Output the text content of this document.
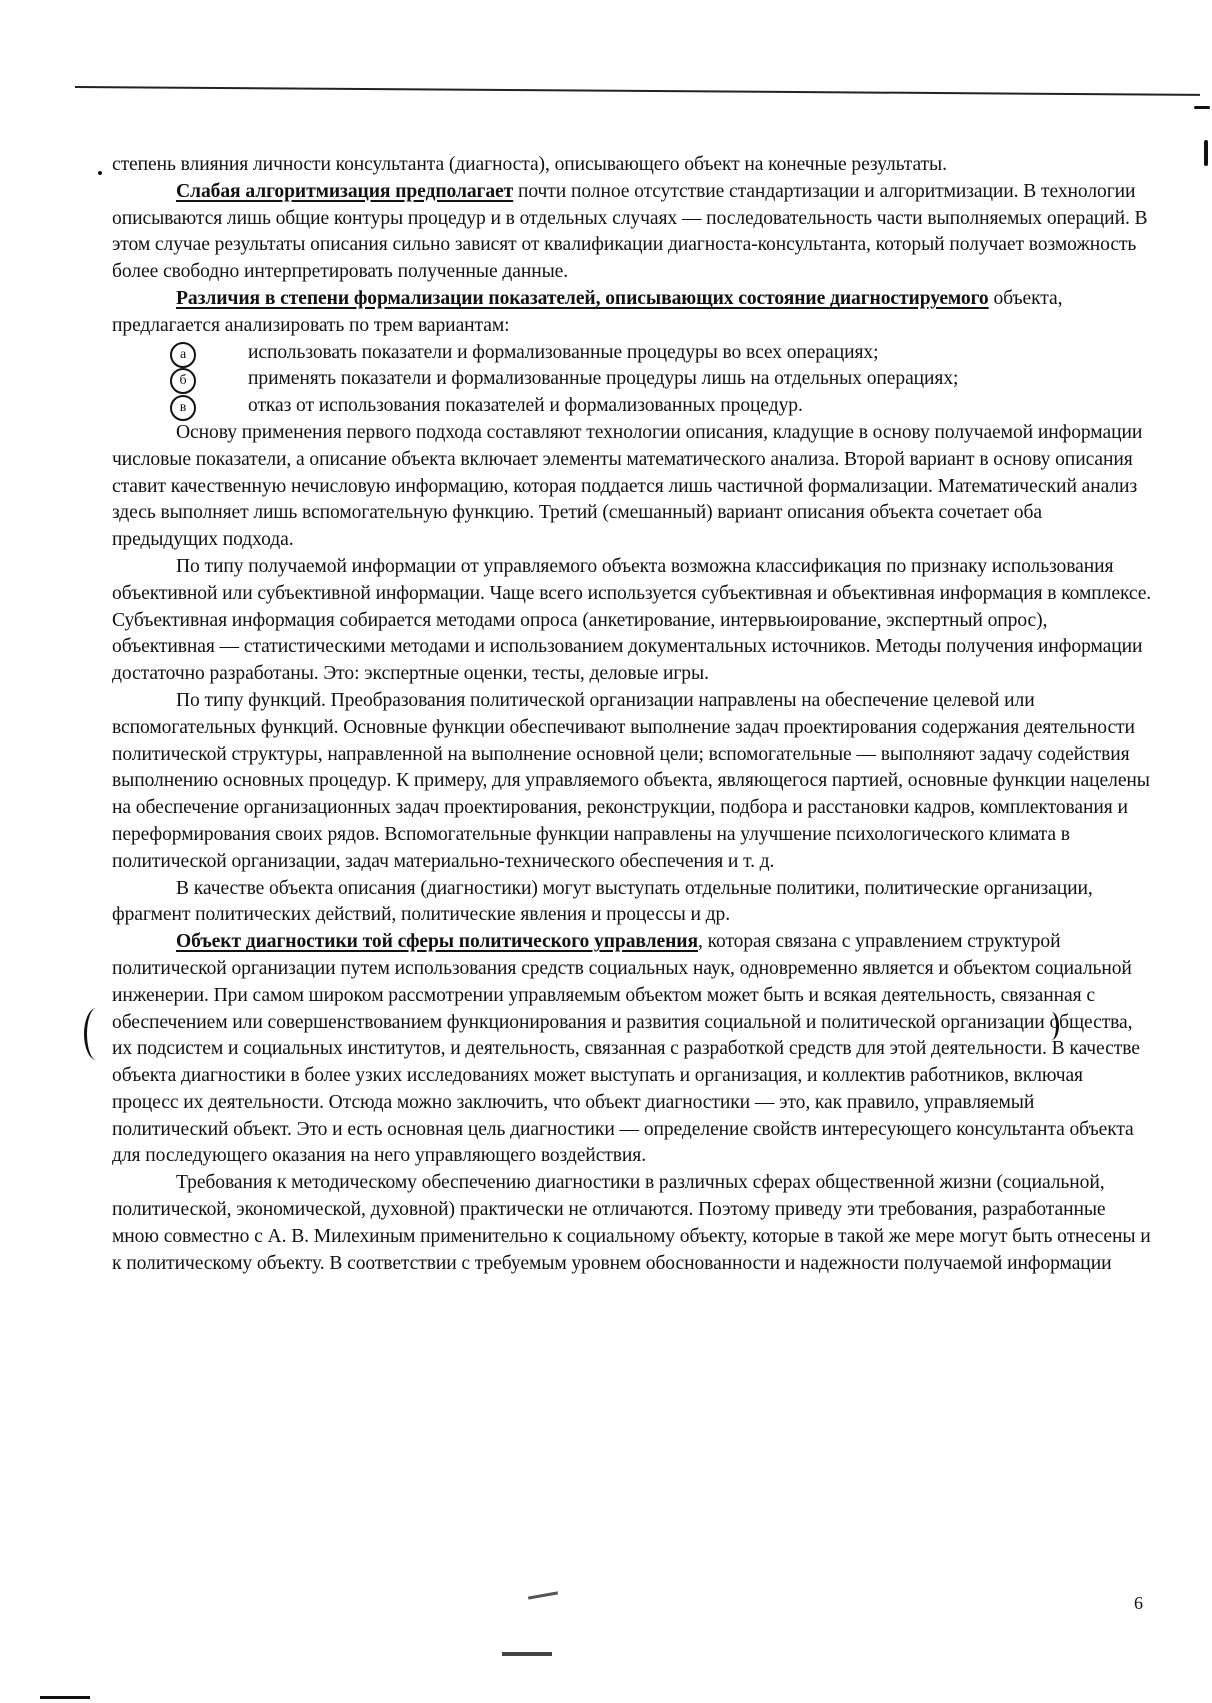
степень влияния личности консультанта (диагноста), описывающего объект на конечные результаты.

Слабая алгоритмизация предполагает почти полное отсутствие стандартизации и алгоритмизации. В технологии описываются лишь общие контуры процедур и в отдельных случаях — последовательность части выполняемых операций. В этом случае результаты описания сильно зависят от квалификации диагноста-консультанта, который получает возможность более свободно интерпретировать полученные данные.

Различия в степени формализации показателей, описывающих состояние диагностируемого объекта, предлагается анализировать по трем вариантам:

а	использовать показатели и формализованные процедуры во всех операциях;
б	применять показатели и формализованные процедуры лишь на отдельных операциях;
в	отказ от использования показателей и формализованных процедур.

Основу применения первого подхода составляют технологии описания, кладущие в основу получаемой информации числовые показатели, а описание объекта включает элементы математического анализа. Второй вариант в основу описания ставит качественную нечисловую информацию, которая поддается лишь частичной формализации. Математический анализ здесь выполняет лишь вспомогательную функцию. Третий (смешанный) вариант описания объекта сочетает оба предыдущих подхода.

По типу получаемой информации от управляемого объекта возможна классификация по признаку использования объективной или субъективной информации. Чаще всего используется субъективная и объективная информация в комплексе. Субъективная информация собирается методами опроса (анкетирование, интервьюирование, экспертный опрос), объективная — статистическими методами и использованием документальных источников. Методы получения информации достаточно разработаны. Это: экспертные оценки, тесты, деловые игры.

По типу функций. Преобразования политической организации направлены на обеспечение целевой или вспомогательных функций. Основные функции обеспечивают выполнение задач проектирования содержания деятельности политической структуры, направленной на выполнение основной цели; вспомогательные — выполняют задачу содействия выполнению основных процедур. К примеру, для управляемого объекта, являющегося партией, основные функции нацелены на обеспечение организационных задач проектирования, реконструкции, подбора и расстановки кадров, комплектования и переформирования своих рядов. Вспомогательные функции направлены на улучшение психологического климата в политической организации, задач материально-технического обеспечения и т. д.

В качестве объекта описания (диагностики) могут выступать отдельные политики, политические организации, фрагмент политических действий, политические явления и процессы и др.

Объект диагностики той сферы политического управления, которая связана с управлением структурой политической организации путем использования средств социальных наук, одновременно является и объектом социальной инженерии. При самом широком рассмотрении управляемым объектом может быть и всякая деятельность, связанная с обеспечением или совершенствованием функционирования и развития социальной и политической организации общества, их подсистем и социальных институтов, и деятельность, связанная с разработкой средств для этой деятельности. В качестве объекта диагностики в более узких исследованиях может выступать и организация, и коллектив работников, включая процесс их деятельности. Отсюда можно заключить, что объект диагностики — это, как правило, управляемый политический объект. Это и есть основная цель диагностики — определение свойств интересующего консультанта объекта для последующего оказания на него управляющего воздействия.

Требования к методическому обеспечению диагностики в различных сферах общественной жизни (социальной, политической, экономической, духовной) практически не отличаются. Поэтому приведу эти требования, разработанные мною совместно с А. В. Милехиным применительно к социальному объекту, которые в такой же мере могут быть отнесены и к политическому объекту. В соответствии с требуемым уровнем обоснованности и надежности получаемой информации

6
